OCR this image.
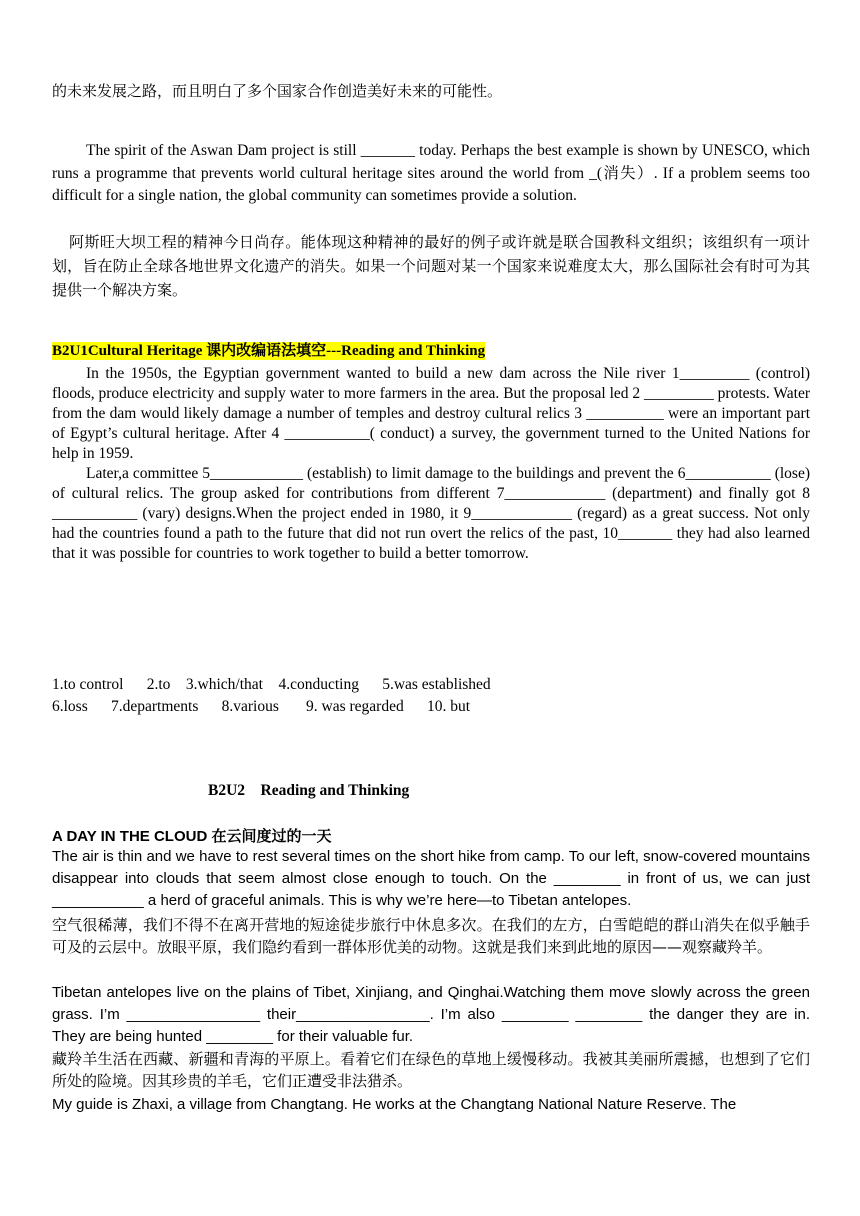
的未来发展之路，而且明白了多个国家合作创造美好未来的可能性。

The spirit of the Aswan Dam project is still _______ today. Perhaps the best example is shown by UNESCO, which runs a programme that prevents world cultural heritage sites around the world from _(消失）. If a problem seems too difficult for a single nation, the global community can sometimes provide a solution.

阿斯旺大坝工程的精神今日尚存。能体现这种精神的最好的例子或许就是联合国教科文组织；该组织有一项计划，旨在防止全球各地世界文化遗产的消失。如果一个问题对某一个国家来说难度太大，那么国际社会有时可为其提供一个解决方案。

B2U1Cultural Heritage 课内改编语法填空---Reading and Thinking

In the 1950s, the Egyptian government wanted to build a new dam across the Nile river 1_________ (control) floods, produce electricity and supply water to more farmers in the area. But the proposal led 2 _________ protests. Water from the dam would likely damage a number of temples and destroy cultural relics 3 __________ were an important part of Egypt’s cultural heritage. After 4 ___________( conduct) a survey, the government turned to the United Nations for help in 1959.

Later,a committee 5____________ (establish) to limit damage to the buildings and prevent the 6___________ (lose) of cultural relics. The group asked for contributions from different 7_____________ (department) and finally got 8 ___________ (vary) designs.When the project ended in 1980, it 9_____________ (regard) as a great success. Not only had the countries found a path to the future that did not run overt the relics of the past, 10_______ they had also learned that it was possible for countries to work together to build a better tomorrow.

1.to control      2.to    3.which/that    4.conducting      5.was established

6.loss      7.departments      8.various       9. was regarded      10. but

B2U2    Reading and Thinking

A DAY IN THE CLOUD 在云间度过的一天

The air is thin and we have to rest several times on the short hike from camp. To our left, snow-covered mountains disappear into clouds that seem almost close enough to touch. On the ________ in front of us, we can just ___________ a herd of graceful animals. This is why we’re here—to Tibetan antelopes.

空气很稀薄，我们不得不在离开营地的短途徒步旅行中休息多次。在我们的左方，白雪皑皑的群山消失在似乎触手可及的云层中。放眼平原，我们隐约看到一群体形优美的动物。这就是我们来到此地的原因——观察藏羚羊。

Tibetan antelopes live on the plains of Tibet, Xinjiang, and Qinghai.Watching them move slowly across the green grass. I’m ________________ their________________. I’m also ________ ________ the danger they are in. They are being hunted ________ for their valuable fur.

藏羚羊生活在西藏、新疆和青海的平原上。看着它们在绿色的草地上缓慢移动。我被其美丽所震撼，也想到了它们所处的险境。因其珍贵的羊毛，它们正遭受非法猎杀。

My guide is Zhaxi, a village from Changtang. He works at the Changtang National Nature Reserve. The
